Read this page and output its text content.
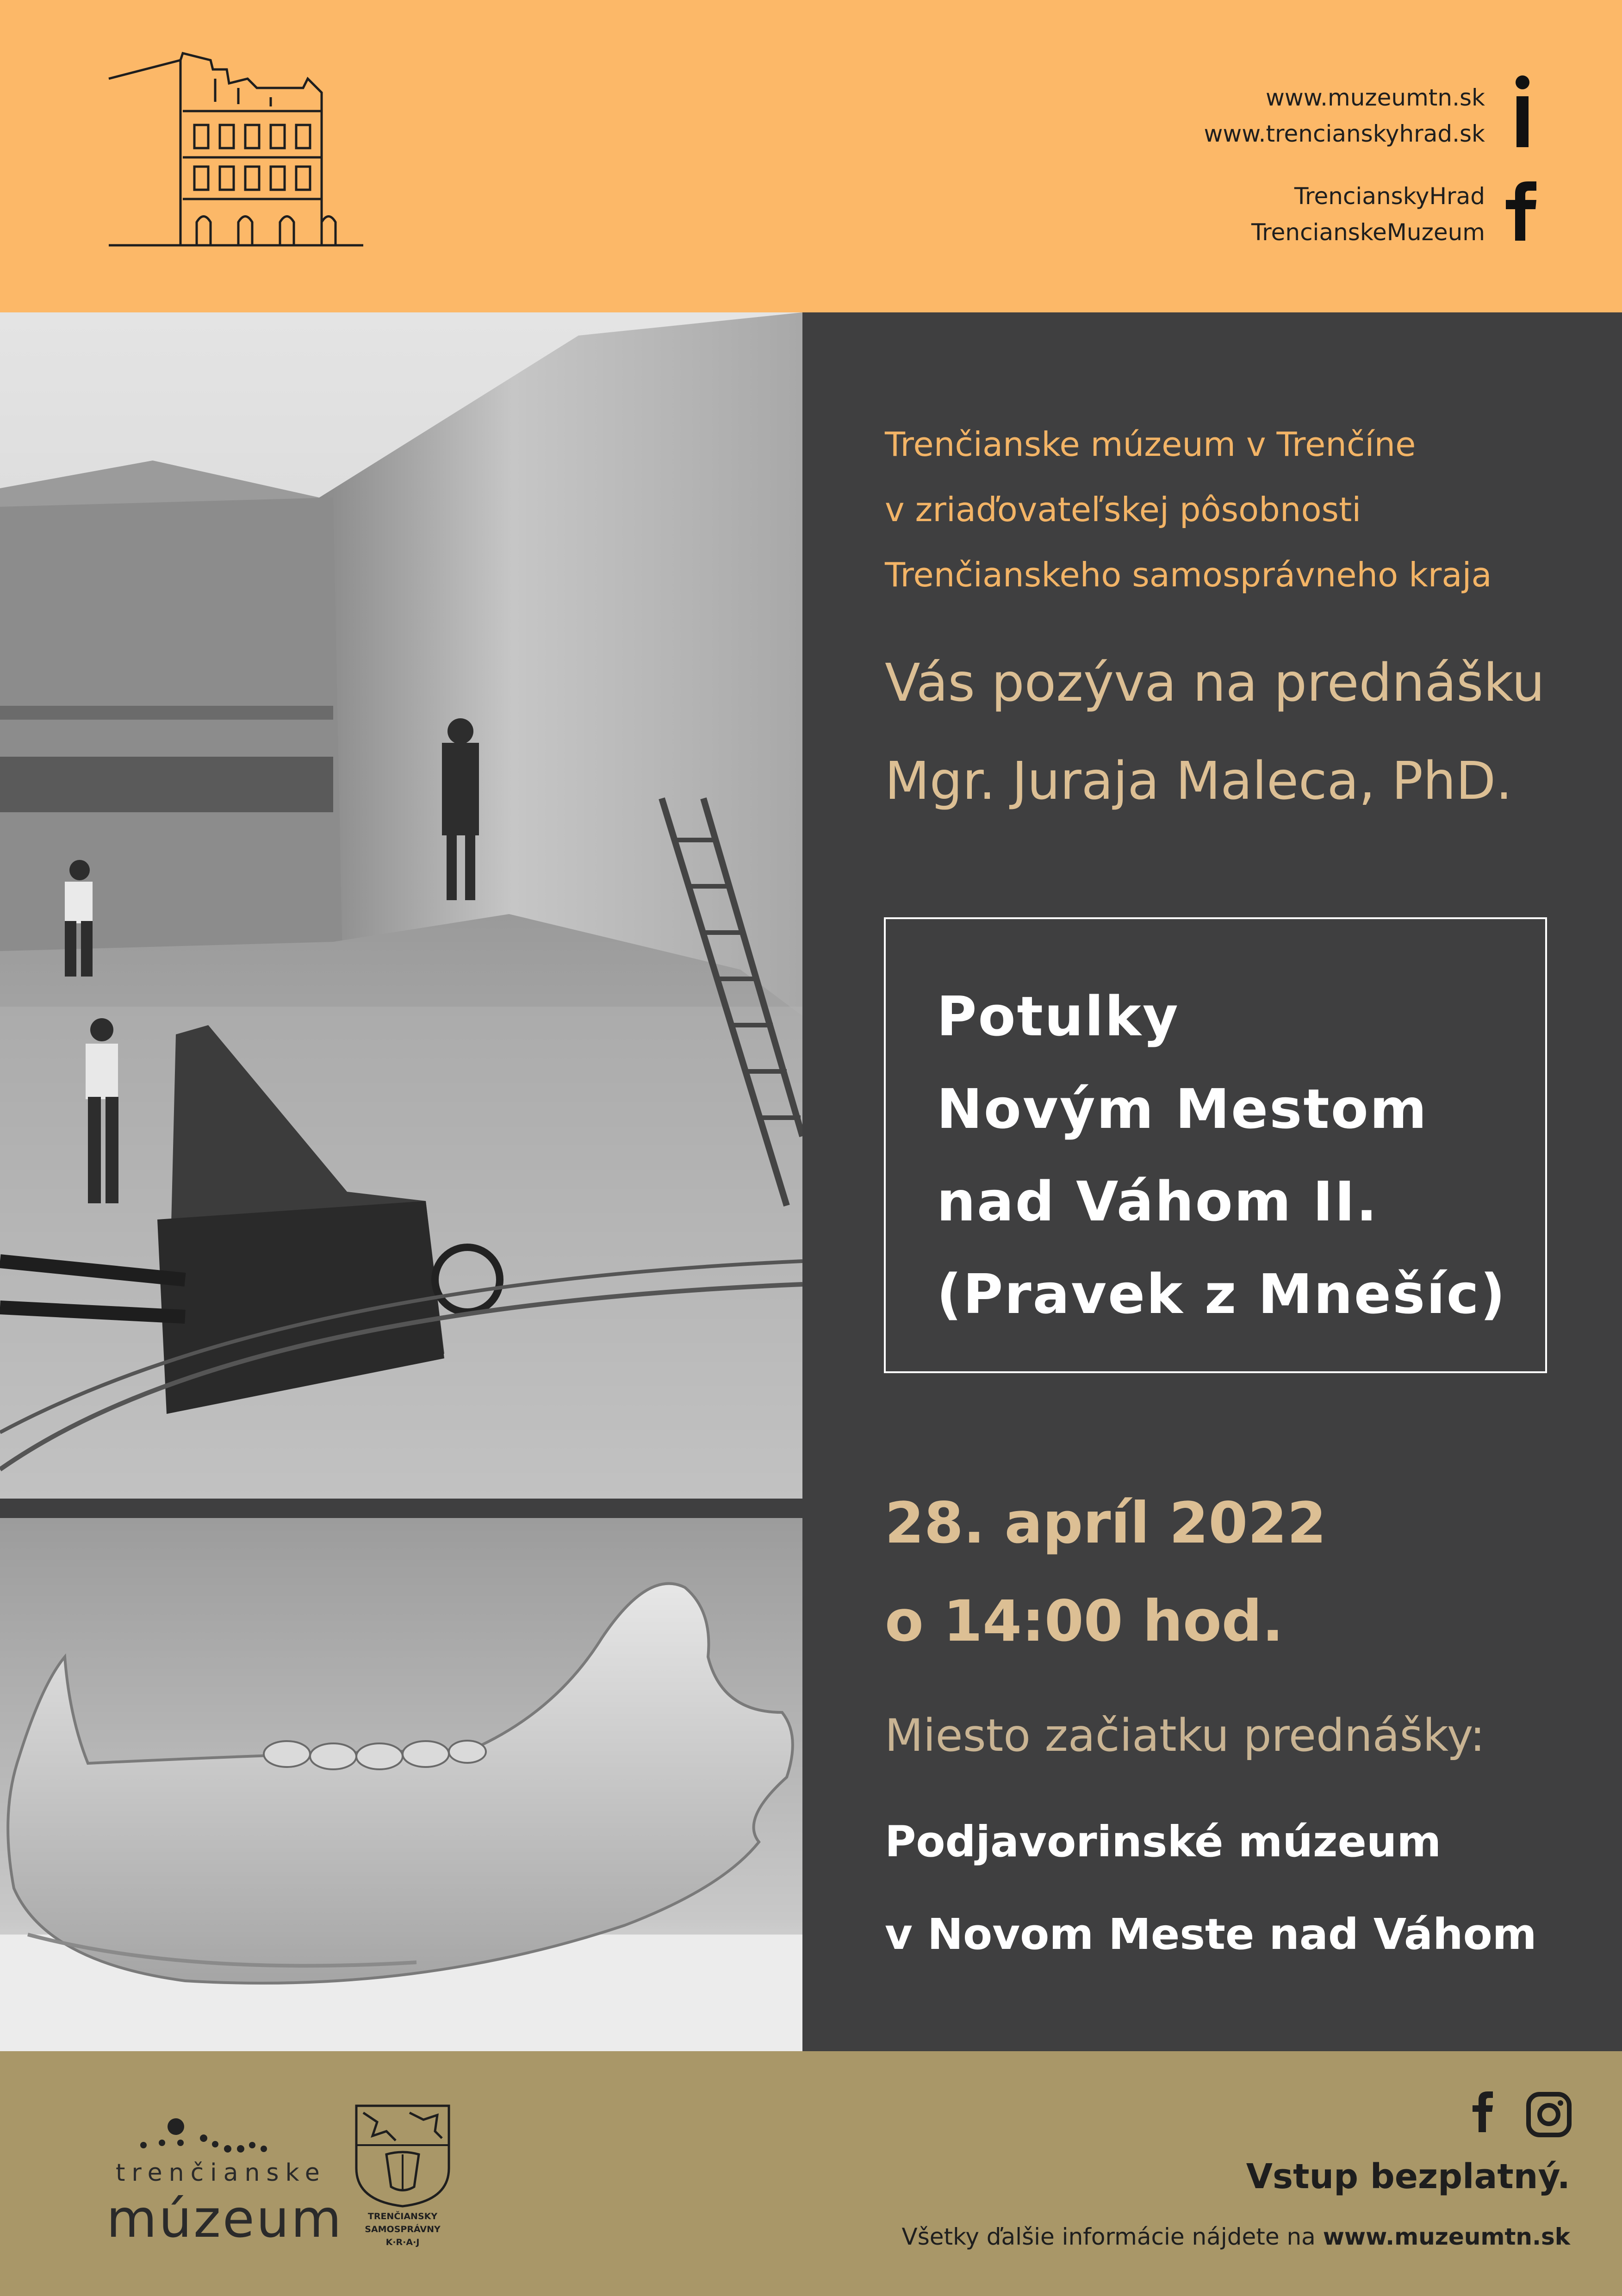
www.muzeumtn.sk
www.trencianskyhrad.sk
TrencianskyHrad
TrencianskeMuzeum
Trenčianske múzeum v Trenčíne
v zriaďovateľskej pôsobnosti
Trenčianskeho samosprávneho kraja
Vás pozýva na prednášku
Mgr. Juraja Maleca, PhD.
Potulky
Novým Mestom
nad Váhom II.
(Pravek z Mnešíc)
28. apríl 2022
o 14:00 hod.
Miesto začiatku prednášky:
Podjavorinské múzeum
v Novom Meste nad Váhom
trenčianske
múzeum	TRENČIANSKY
SAMOSPRÁVNY
K·R·A·J
Vstup bezplatný.
Všetky ďalšie informácie nájdete na www.muzeumtn.sk
